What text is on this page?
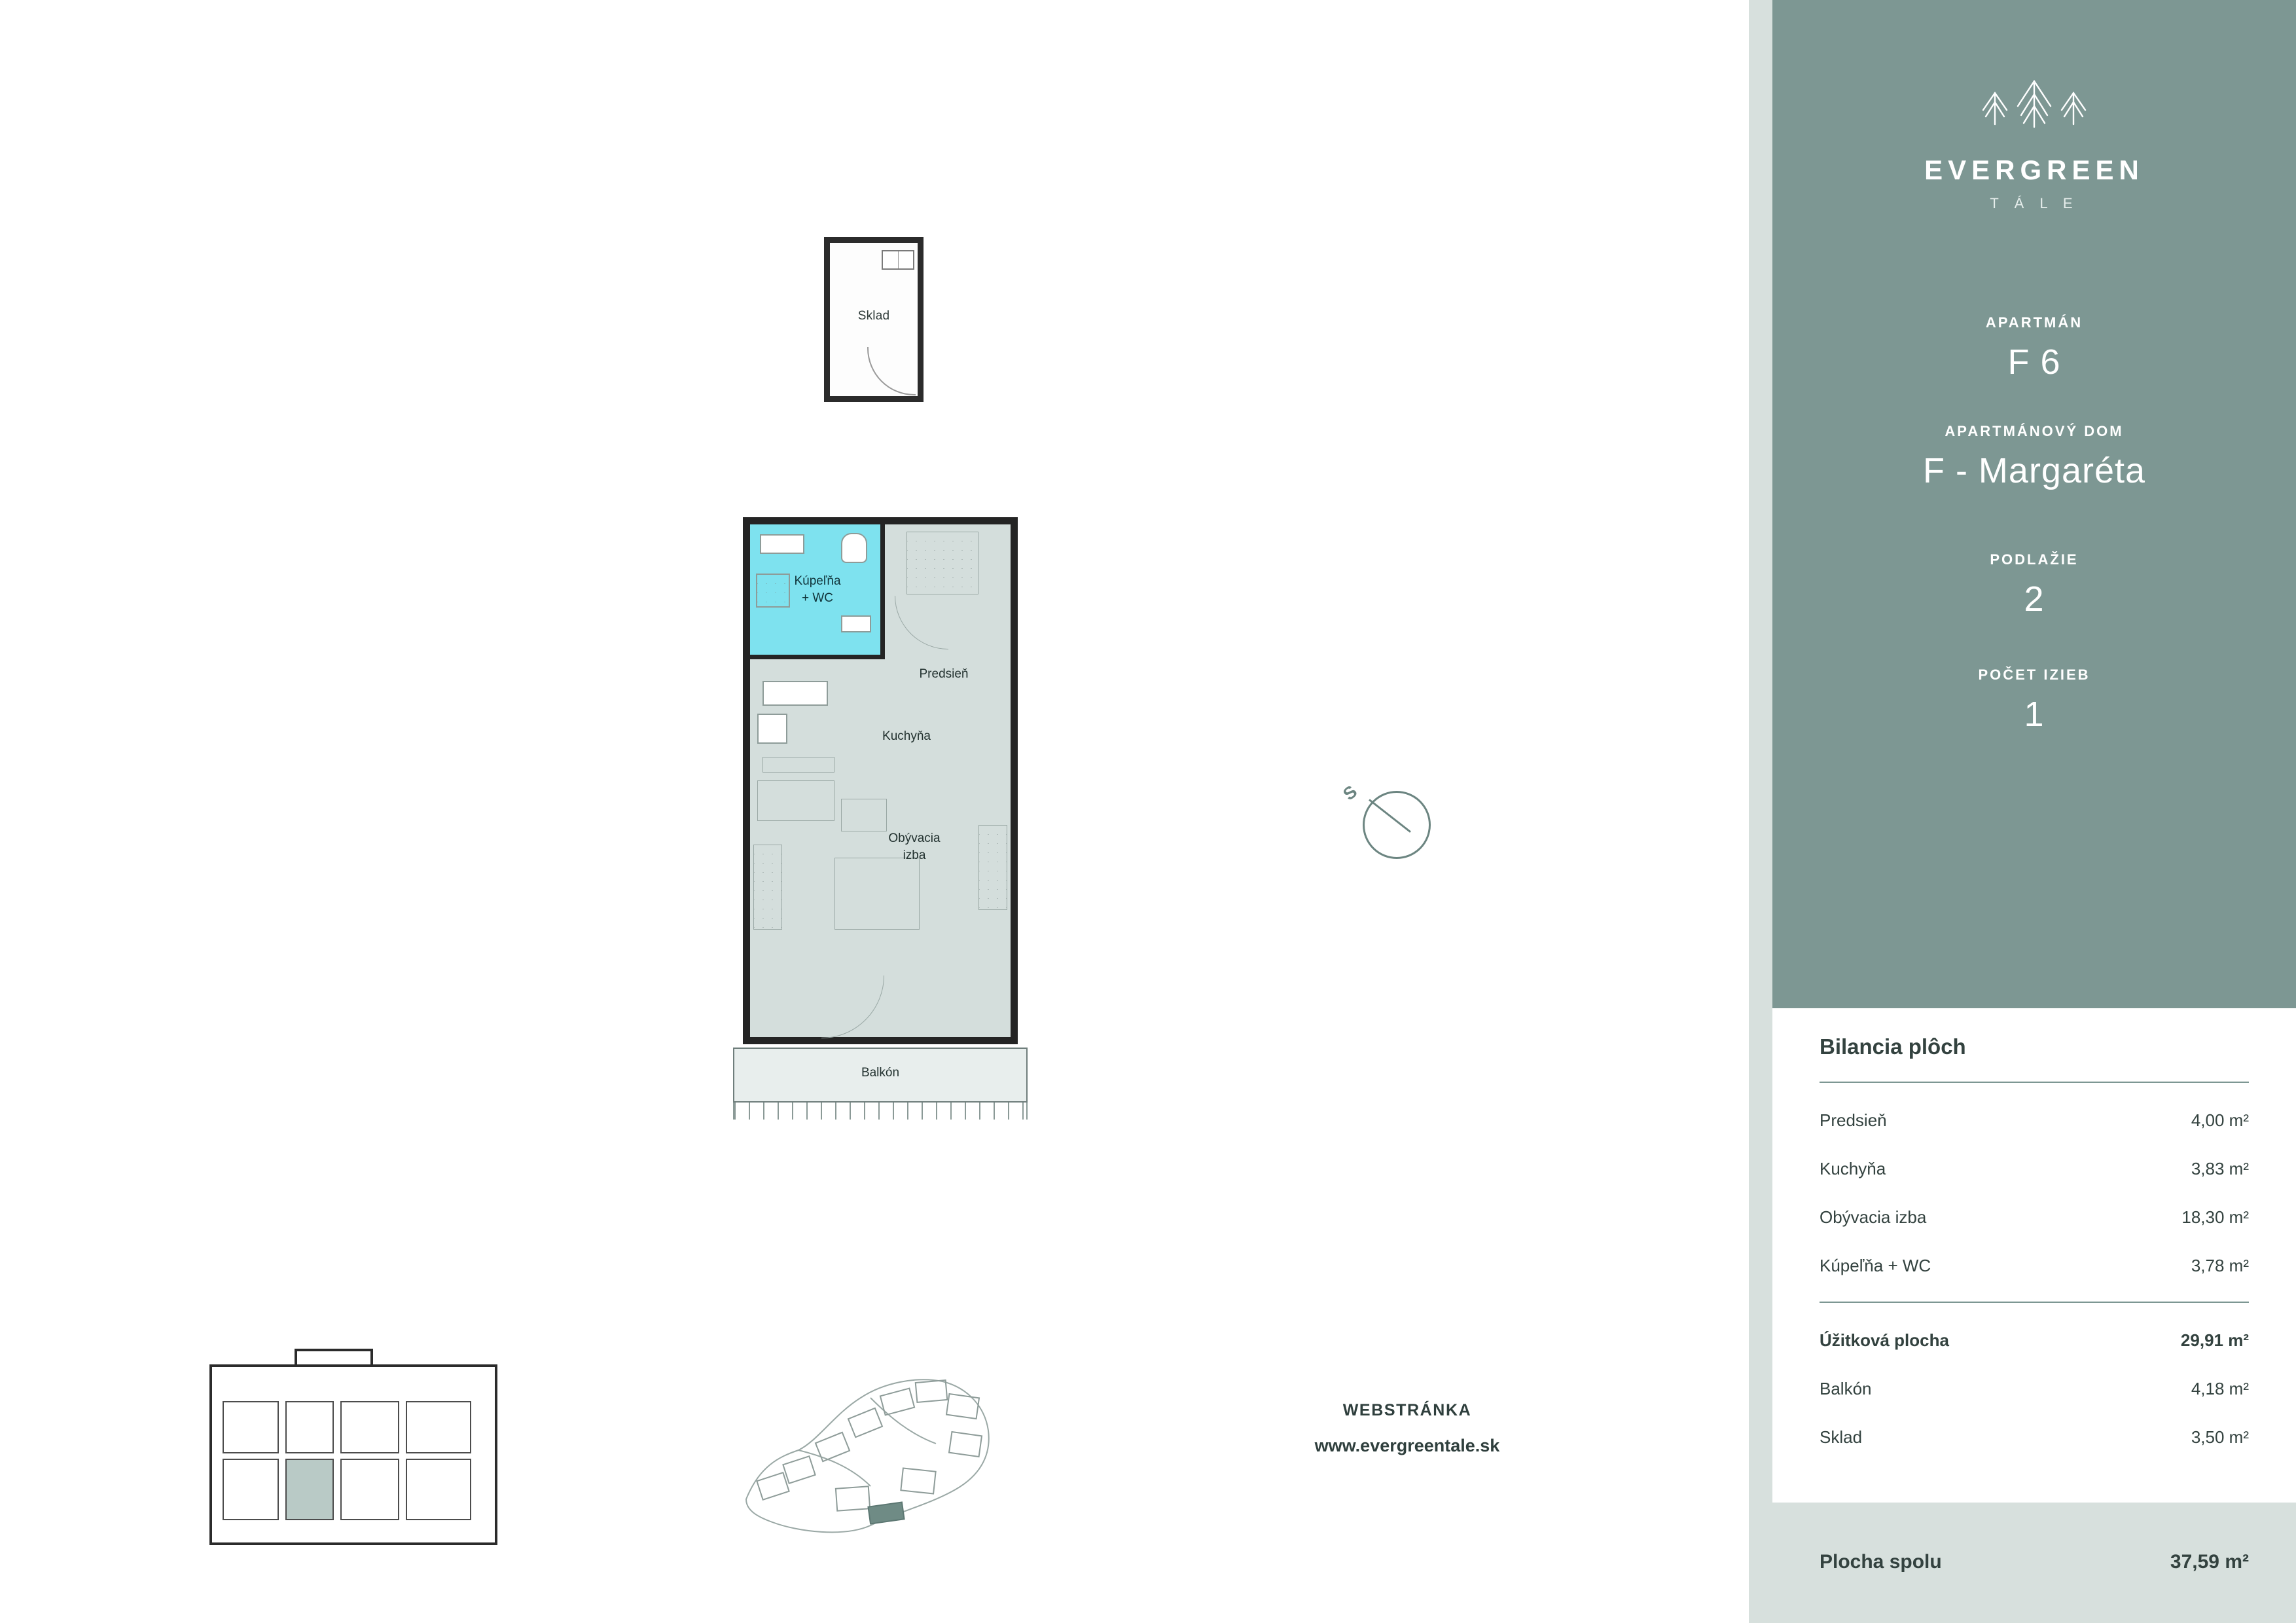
Sklad
Kúpeľňa
+ WC
Predsieň
Kuchyňa
Obývacia
izba
Balkón
S
WEBSTRÁNKA
www.evergreentale.sk
EVERGREEN
T Á L E
APARTMÁN
F 6
APARTMÁNOVÝ DOM
F - Margaréta
PODLAŽIE
2
POČET IZIEB
1
Bilancia plôch
Predsieň	4,00 m²
Kuchyňa	3,83 m²
Obývacia izba	18,30 m²
Kúpeľňa + WC	3,78 m²
Úžitková plocha	29,91 m²
Balkón	4,18 m²
Sklad	3,50 m²
Plocha spolu	37,59 m²
